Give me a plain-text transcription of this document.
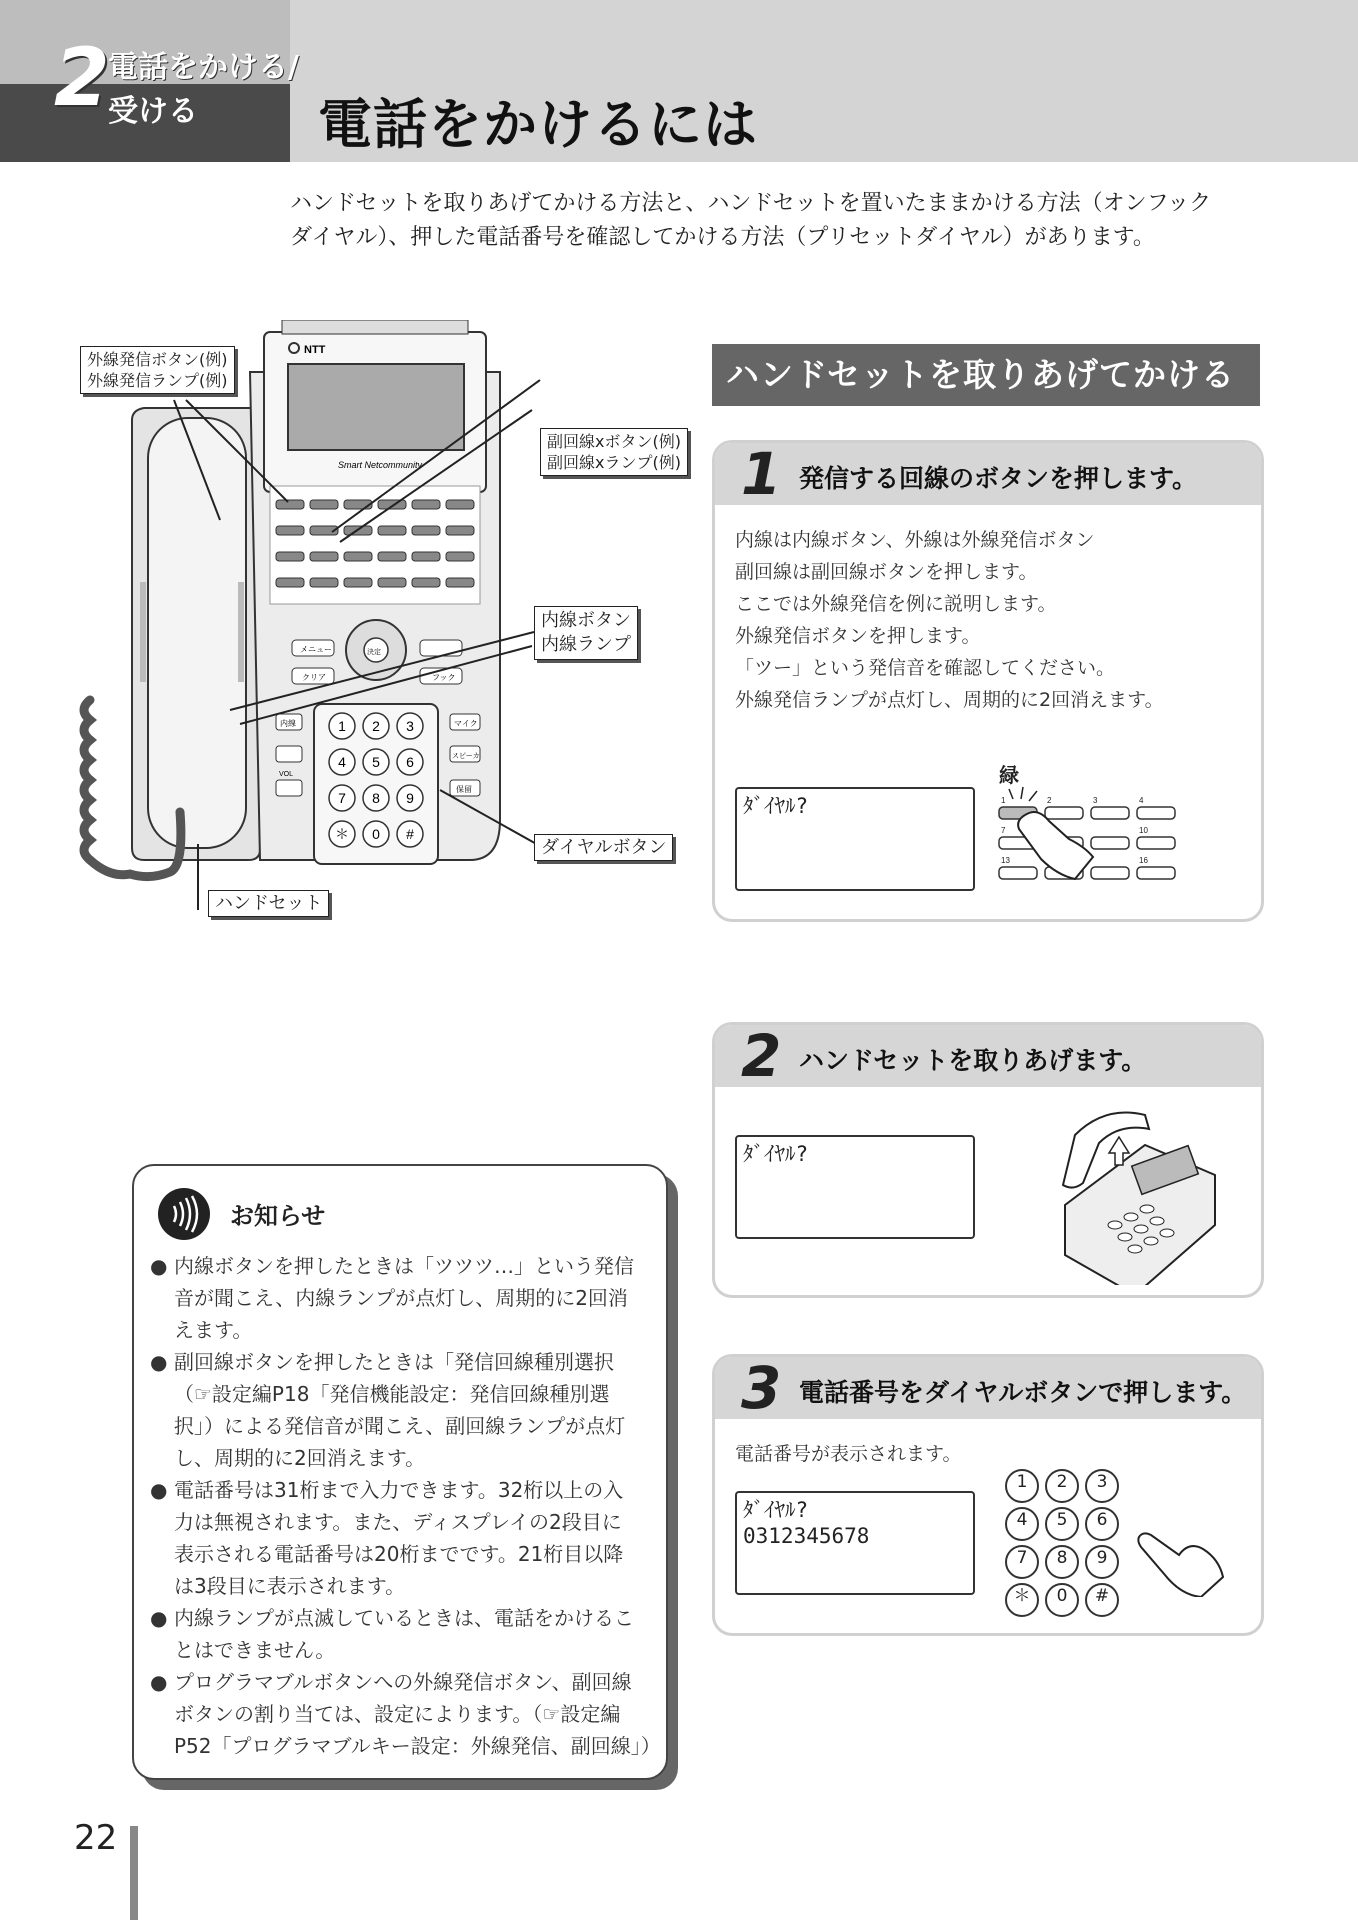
2
電話をかける/
受ける 電話をかけるには
ハンドセットを取りあげてかける方法と、ハンドセットを置いたままかける方法（オンフック
ダイヤル）、押した電話番号を確認してかける方法（プリセットダイヤル）があります。
NTT
Smart Netcommunity
メニュー
クリア	フック
決定
1 2 3
4 5 6
7 8 9
＊ 0 #
内線
VOL
マイク
スピーカ
保留
外線発信ボタン(例)
外線発信ランプ(例)
副回線xボタン(例)
副回線xランプ(例)
内線ボタン
内線ランプ
ダイヤルボタン
ハンドセット
ハンドセットを取りあげてかける
1 発信する回線のボタンを押します。
内線は内線ボタン、外線は外線発信ボタン
副回線は副回線ボタンを押します。
ここでは外線発信を例に説明します。
外線発信ボタンを押します。
「ツー」という発信音を確認してください。
外線発信ランプが点灯し、周期的に2回消えます。
ﾀﾞｲﾔﾙ?
緑
1	2	3	4
7	10
13	16
2 ハンドセットを取りあげます。
ﾀﾞｲﾔﾙ?
3 電話番号をダイヤルボタンで押します。
電話番号が表示されます。
ﾀﾞｲﾔﾙ?
0312345678
1	2	3
4	5	6
7	8	9
＊	0	#
お知らせ
● 内線ボタンを押したときは「ツツツ…」という発信
音が聞こえ、内線ランプが点灯し、周期的に2回消
えます。
● 副回線ボタンを押したときは「発信回線種別選択
（☞設定編P18「発信機能設定：発信回線種別選
択」）による発信音が聞こえ、副回線ランプが点灯
し、周期的に2回消えます。
● 電話番号は31桁まで入力できます。32桁以上の入
力は無視されます。また、ディスプレイの2段目に
表示される電話番号は20桁までです。21桁目以降
は3段目に表示されます。
● 内線ランプが点滅しているときは、電話をかけるこ
とはできません。
● プログラマブルボタンへの外線発信ボタン、副回線
ボタンの割り当ては、設定によります。（☞設定編
P52「プログラマブルキー設定：外線発信、副回線」）
22
